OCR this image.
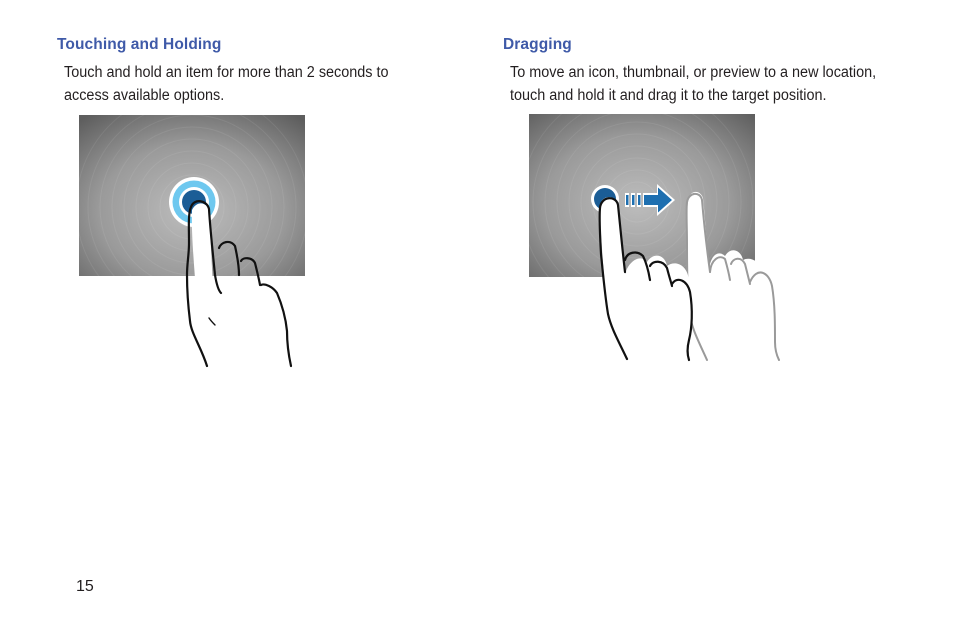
Touching and Holding

Touch and hold an item for more than 2 seconds to access available options.

Dragging

To move an icon, thumbnail, or preview to a new location, touch and hold it and drag it to the target position.

15
